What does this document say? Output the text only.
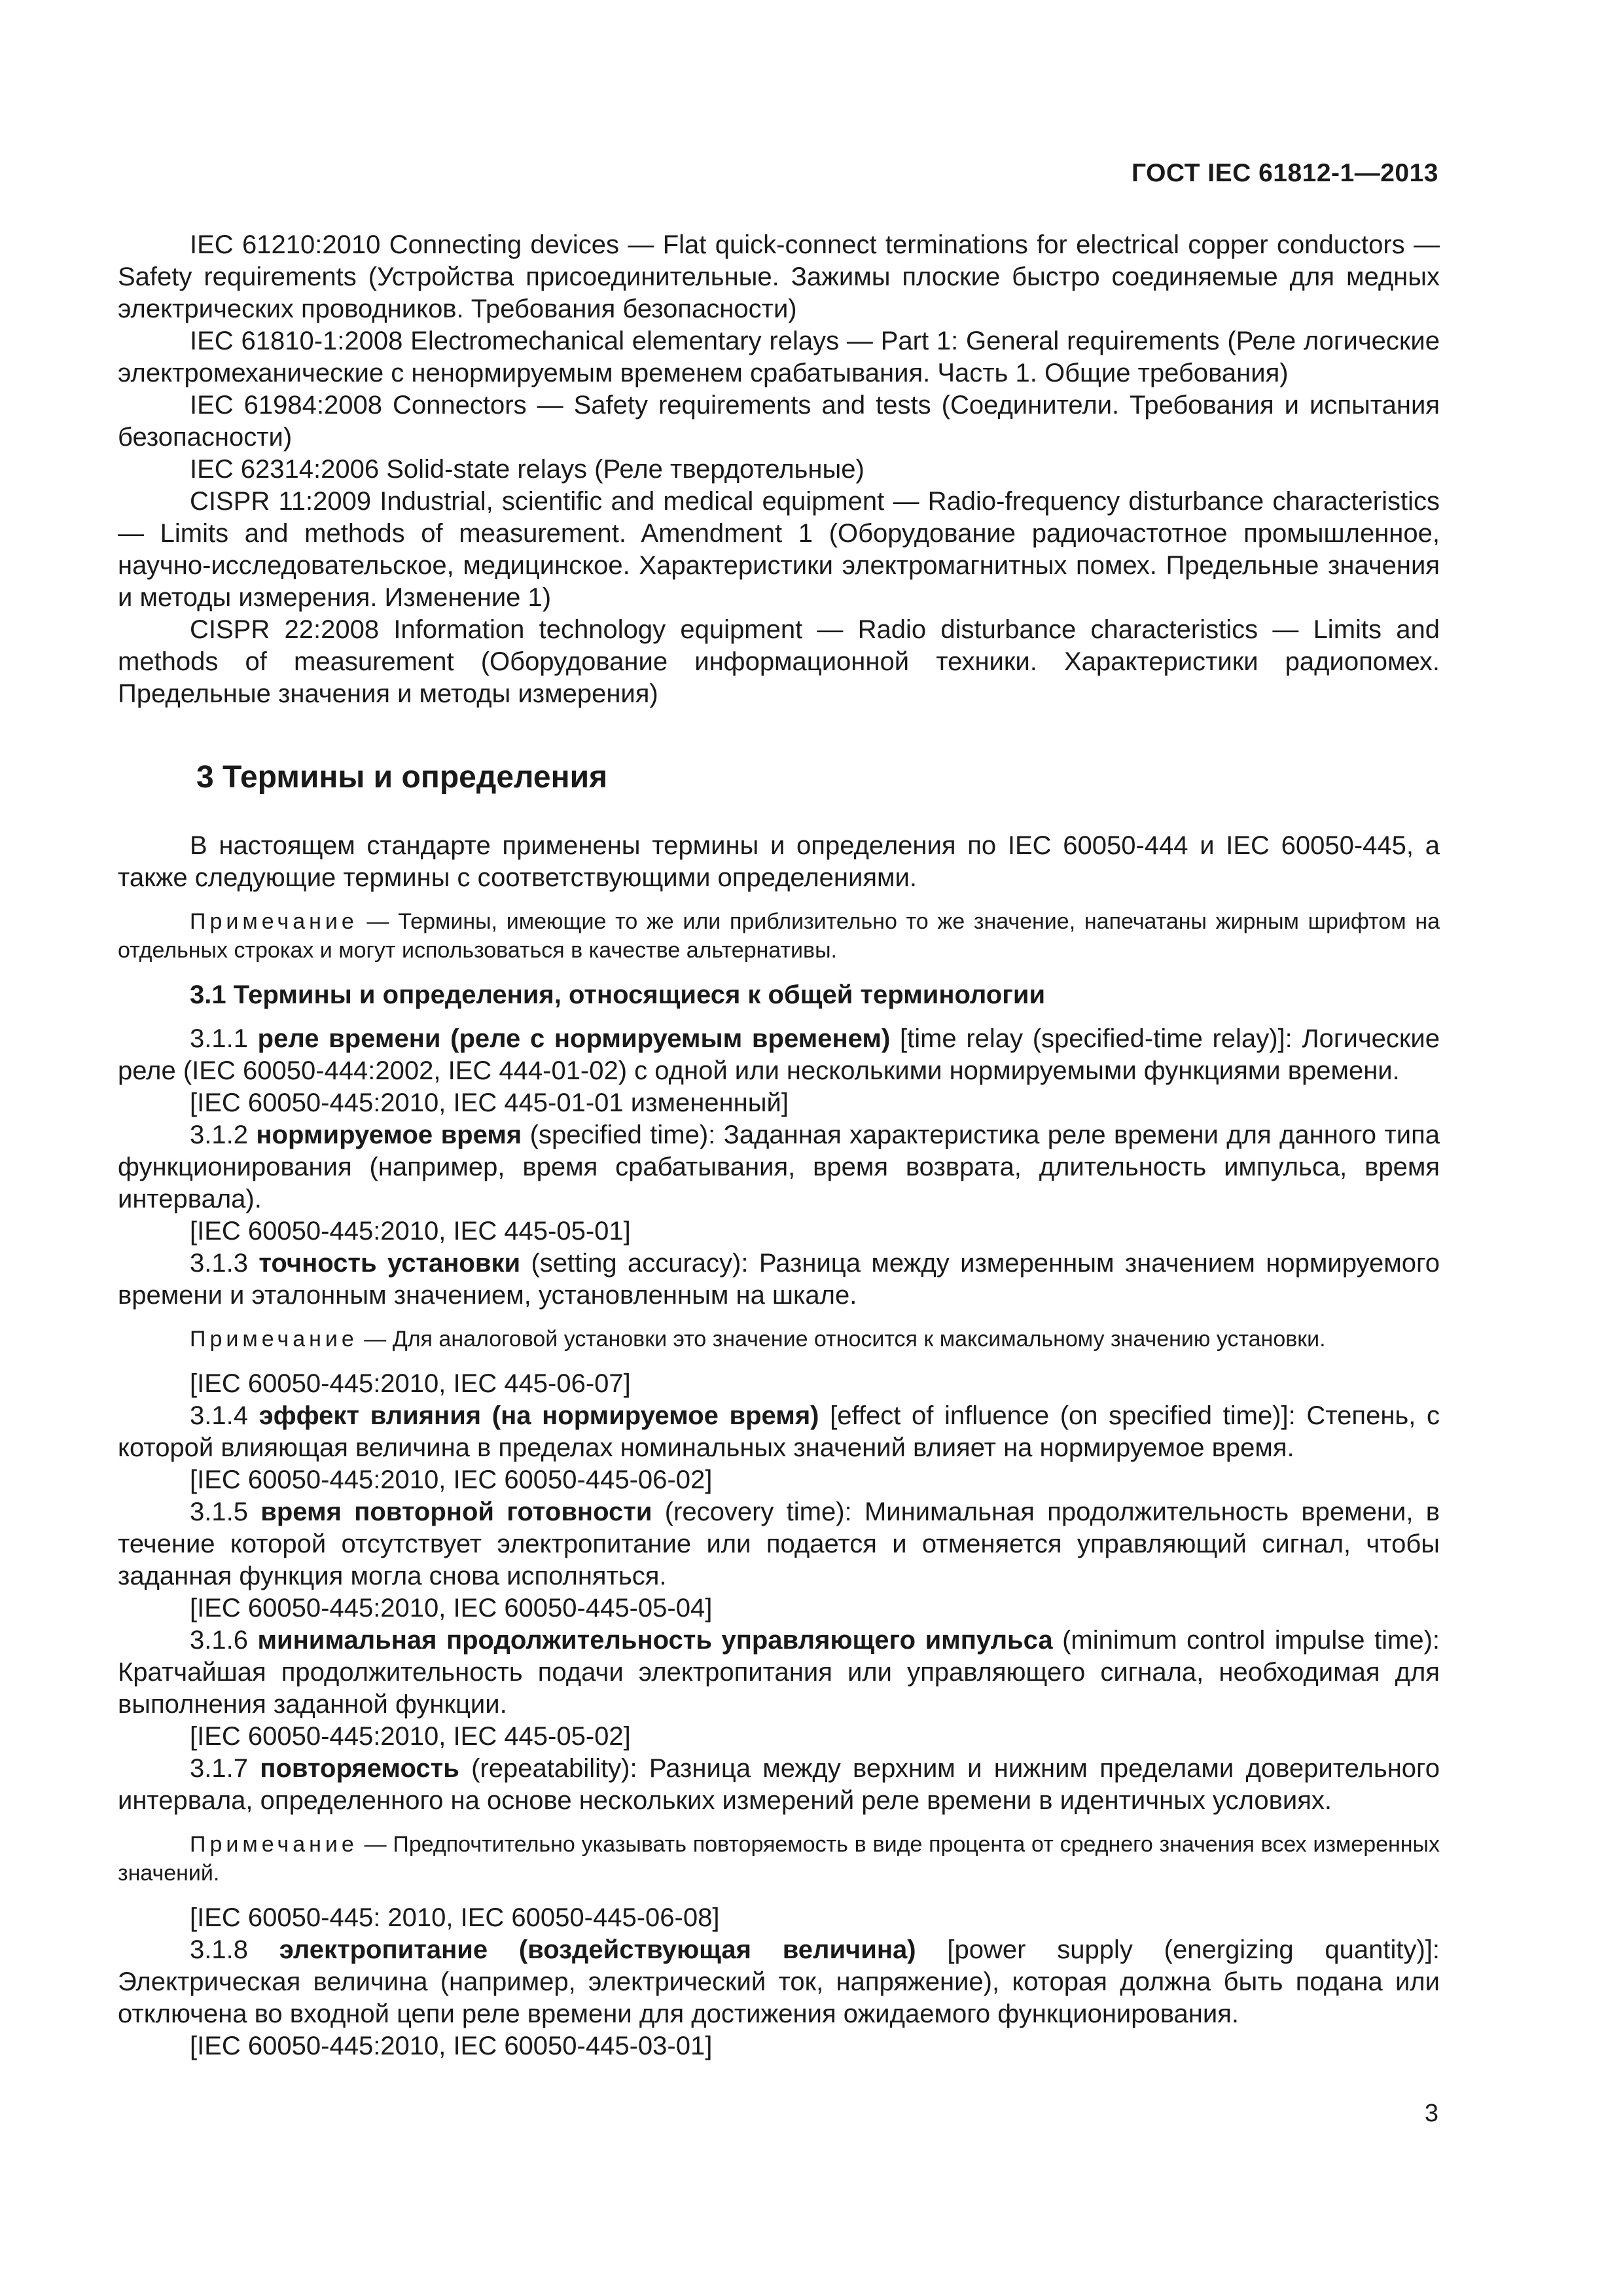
ГОСТ IEC 61812-1—2013

IEC 61210:2010 Connecting devices — Flat quick-connect terminations for electrical copper conductors — Safety requirements (Устройства присоединительные. Зажимы плоские быстро соединяемые для медных электрических проводников. Требования безопасности)

IEC 61810-1:2008 Electromechanical elementary relays — Part 1: General requirements (Реле логические электромеханические с ненормируемым временем срабатывания. Часть 1. Общие требования)

IEC 61984:2008 Connectors — Safety requirements and tests (Соединители. Требования и испытания безопасности)

IEC 62314:2006 Solid-state relays (Реле твердотельные)

CISPR 11:2009 Industrial, scientific and medical equipment — Radio-frequency disturbance characteristics — Limits and methods of measurement. Amendment 1 (Оборудование радиочастотное промышленное, научно-исследовательское, медицинское. Характеристики электромагнитных помех. Предельные значения и методы измерения. Изменение 1)

CISPR 22:2008 Information technology equipment — Radio disturbance characteristics — Limits and methods of measurement (Оборудование информационной техники. Характеристики радиопомех. Предельные значения и методы измерения)

3 Термины и определения

В настоящем стандарте применены термины и определения по IEC 60050-444 и IEC 60050-445, а также следующие термины с соответствующими определениями.

Примечание — Термины, имеющие то же или приблизительно то же значение, напечатаны жирным шрифтом на отдельных строках и могут использоваться в качестве альтернативы.

3.1 Термины и определения, относящиеся к общей терминологии

3.1.1 реле времени (реле с нормируемым временем) [time relay (specified-time relay)]: Логические реле (IEC 60050-444:2002, IEC 444-01-02) с одной или несколькими нормируемыми функциями времени.

[IEC 60050-445:2010, IEC 445-01-01 измененный]

3.1.2 нормируемое время (specified time): Заданная характеристика реле времени для данного типа функционирования (например, время срабатывания, время возврата, длительность импульса, время интервала).

[IEC 60050-445:2010, IEC 445-05-01]

3.1.3 точность установки (setting accuracy): Разница между измеренным значением нормируемого времени и эталонным значением, установленным на шкале.

Примечание — Для аналоговой установки это значение относится к максимальному значению установки.

[IEC 60050-445:2010, IEC 445-06-07]

3.1.4 эффект влияния (на нормируемое время) [effect of influence (on specified time)]: Степень, с которой влияющая величина в пределах номинальных значений влияет на нормируемое время.

[IEC 60050-445:2010, IEC 60050-445-06-02]

3.1.5 время повторной готовности (recovery time): Минимальная продолжительность времени, в течение которой отсутствует электропитание или подается и отменяется управляющий сигнал, чтобы заданная функция могла снова исполняться.

[IEC 60050-445:2010, IEC 60050-445-05-04]

3.1.6 минимальная продолжительность управляющего импульса (minimum control impulse time): Кратчайшая продолжительность подачи электропитания или управляющего сигнала, необходимая для выполнения заданной функции.

[IEC 60050-445:2010, IEC 445-05-02]

3.1.7 повторяемость (repeatability): Разница между верхним и нижним пределами доверительного интервала, определенного на основе нескольких измерений реле времени в идентичных условиях.

Примечание — Предпочтительно указывать повторяемость в виде процента от среднего значения всех измеренных значений.

[IEC 60050-445: 2010, IEC 60050-445-06-08]

3.1.8 электропитание (воздействующая величина) [power supply (energizing quantity)]: Электрическая величина (например, электрический ток, напряжение), которая должна быть подана или отключена во входной цепи реле времени для достижения ожидаемого функционирования.

[IEC 60050-445:2010, IEC 60050-445-03-01]

3
